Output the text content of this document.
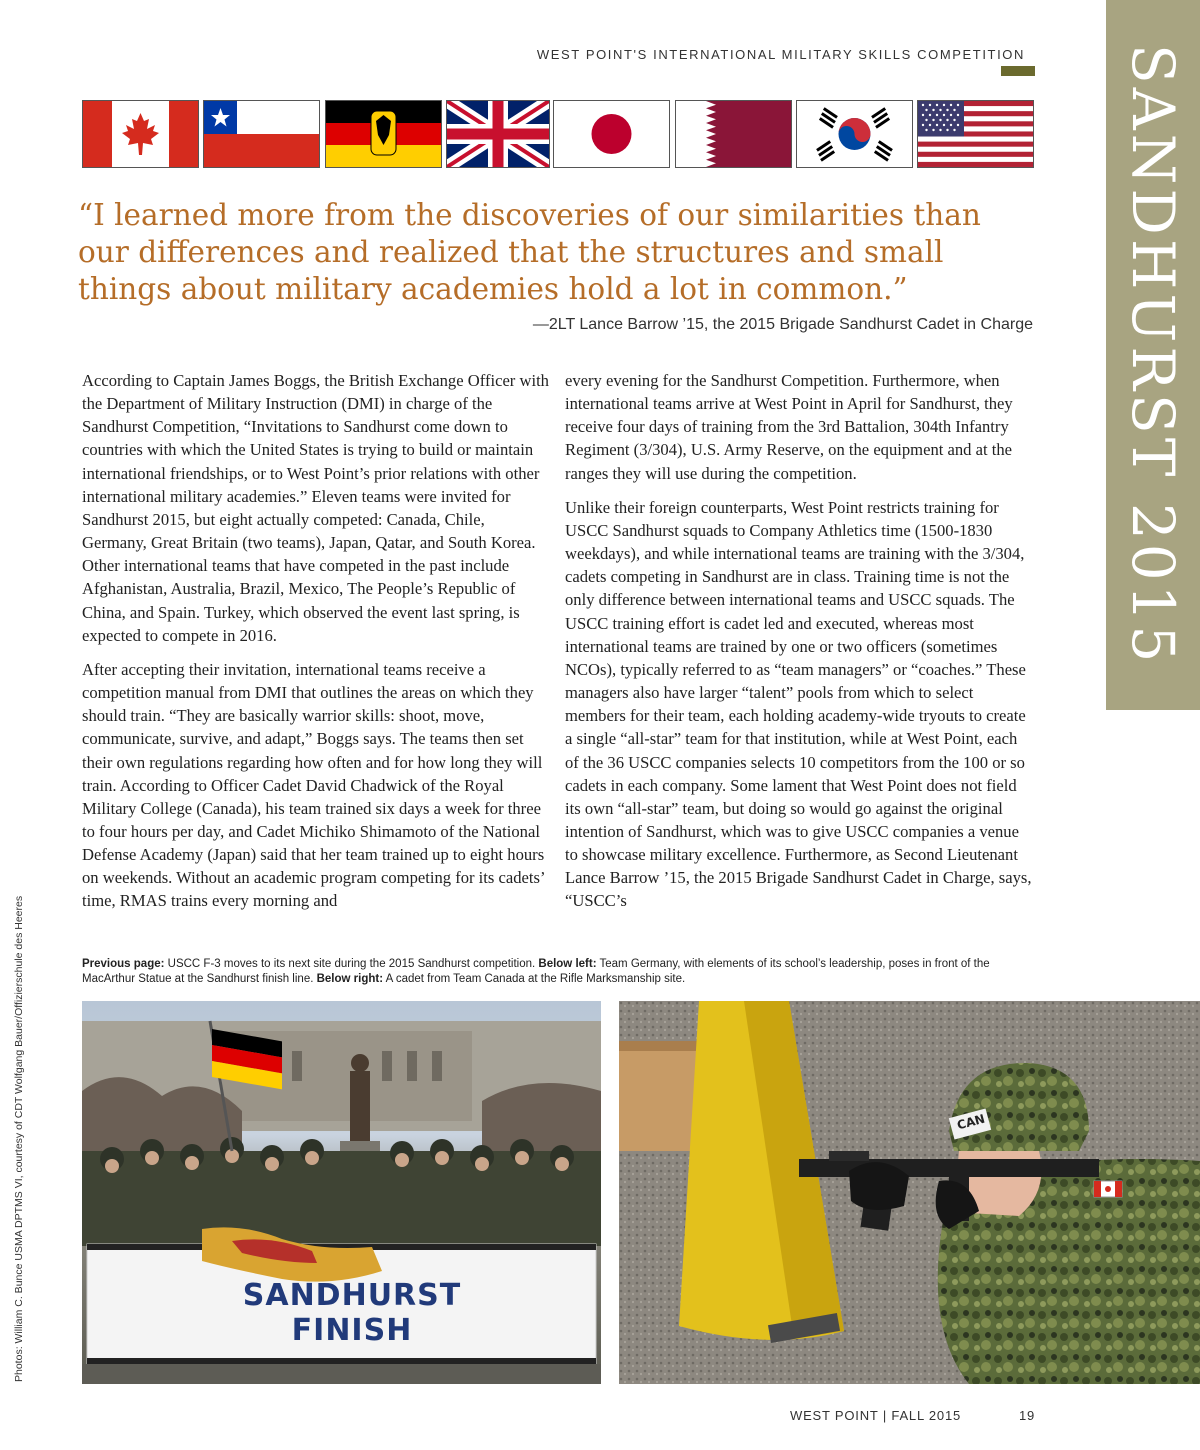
WEST POINT'S INTERNATIONAL MILITARY SKILLS COMPETITION SANDHURST 2015
“I learned more from the discoveries of our similarities than our differences and realized that the structures and small things about military academies hold a lot in common.”
—2LT Lance Barrow ’15, the 2015 Brigade Sandhurst Cadet in Charge

According to Captain James Boggs, the British Exchange Officer with the Department of Military Instruction (DMI) in charge of the Sandhurst Competition, “Invitations to Sandhurst come down to countries with which the United States is trying to build or maintain international friendships, or to West Point’s prior relations with other international military academies.” Eleven teams were invited for Sandhurst 2015, but eight actually competed: Canada, Chile, Germany, Great Britain (two teams), Japan, Qatar, and South Korea. Other international teams that have competed in the past include Afghanistan, Australia, Brazil, Mexico, The People’s Republic of China, and Spain. Turkey, which observed the event last spring, is expected to compete in 2016.

After accepting their invitation, international teams receive a competition manual from DMI that outlines the areas on which they should train. “They are basically warrior skills: shoot, move, communicate, survive, and adapt,” Boggs says. The teams then set their own regulations regarding how often and for how long they will train. According to Officer Cadet David Chadwick of the Royal Military College (Canada), his team trained six days a week for three to four hours per day, and Cadet Michiko Shimamoto of the National Defense Academy (Japan) said that her team trained up to eight hours on weekends. Without an academic program competing for its cadets’ time, RMAS trains every morning and

every evening for the Sandhurst Competition. Furthermore, when international teams arrive at West Point in April for Sandhurst, they receive four days of training from the 3rd Battalion, 304th Infantry Regiment (3/304), U.S. Army Reserve, on the equipment and at the ranges they will use during the competition.

Unlike their foreign counterparts, West Point restricts training for USCC Sandhurst squads to Company Athletics time (1500-1830 weekdays), and while international teams are training with the 3/304, cadets competing in Sandhurst are in class. Training time is not the only difference between international teams and USCC squads. The USCC training effort is cadet led and executed, whereas most international teams are trained by one or two officers (sometimes NCOs), typically referred to as “team managers” or “coaches.” These managers also have larger “talent” pools from which to select members for their team, each holding academy-wide tryouts to create a single “all-star” team for that institution, while at West Point, each of the 36 USCC companies selects 10 competitors from the 100 or so cadets in each company. Some lament that West Point does not field its own “all-star” team, but doing so would go against the original intention of Sandhurst, which was to give USCC companies a venue to showcase military excellence. Furthermore, as Second Lieutenant Lance Barrow ’15, the 2015 Brigade Sandhurst Cadet in Charge, says, “USCC’s

Previous page: USCC F-3 moves to its next site during the 2015 Sandhurst competition. Below left: Team Germany, with elements of its school’s leadership, poses in front of the MacArthur Statue at the Sandhurst finish line. Below right: A cadet from Team Canada at the Rifle Marksmanship site.
Photos: William C. Bunce USMA DPTMS VI, courtesy of CDT Wolfgang Bauer/Offizierschule des Heeres	SANDHURST FINISH
CAN
WEST POINT | FALL 2015	19
